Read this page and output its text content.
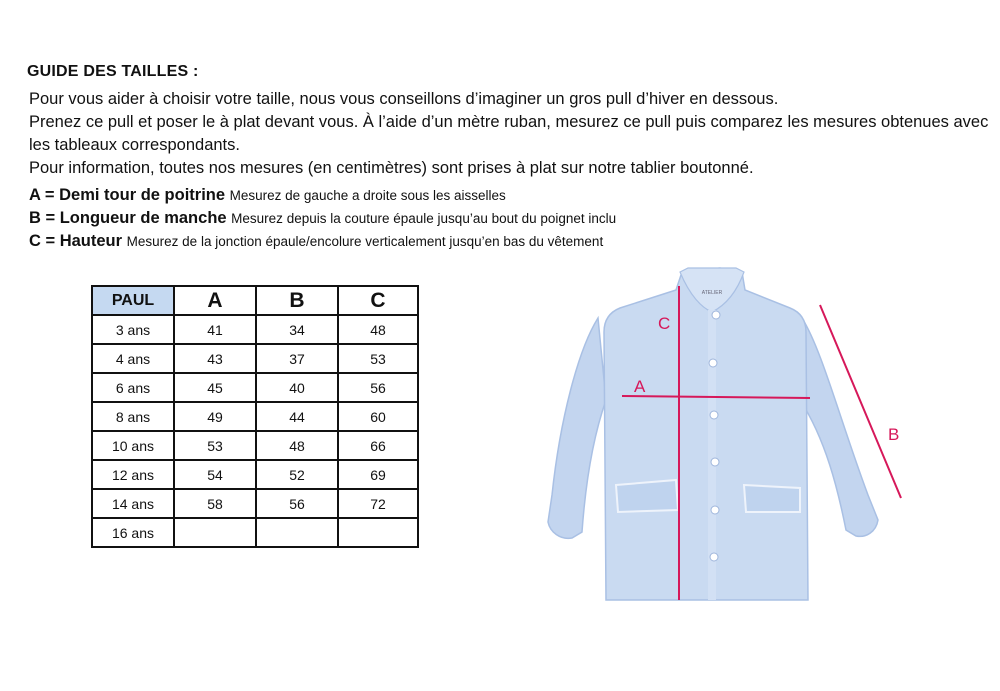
GUIDE DES TAILLES :

Pour vous aider à choisir votre taille, nous vous conseillons d’imaginer un gros pull d’hiver en dessous.

Prenez ce pull et poser le à plat devant vous. À l’aide d’un mètre ruban, mesurez ce pull puis comparez les mesures obtenues avec les tableaux correspondants.

Pour information, toutes nos mesures (en centimètres) sont prises à plat sur notre tablier boutonné.

A = Demi tour de poitrine Mesurez de gauche a droite sous les aisselles

B = Longueur de manche Mesurez depuis la couture épaule jusqu’au bout du poignet inclu

C = Hauteur Mesurez de la jonction épaule/encolure verticalement jusqu’en bas du vêtement

PAUL	A	B	C
3 ans	41	34	48
4 ans	43	37	53
6 ans	45	40	56
8 ans	49	44	60
10 ans	53	48	66
12 ans	54	52	69
14 ans	58	56	72
16 ans			
ATELIER
C
A
B
